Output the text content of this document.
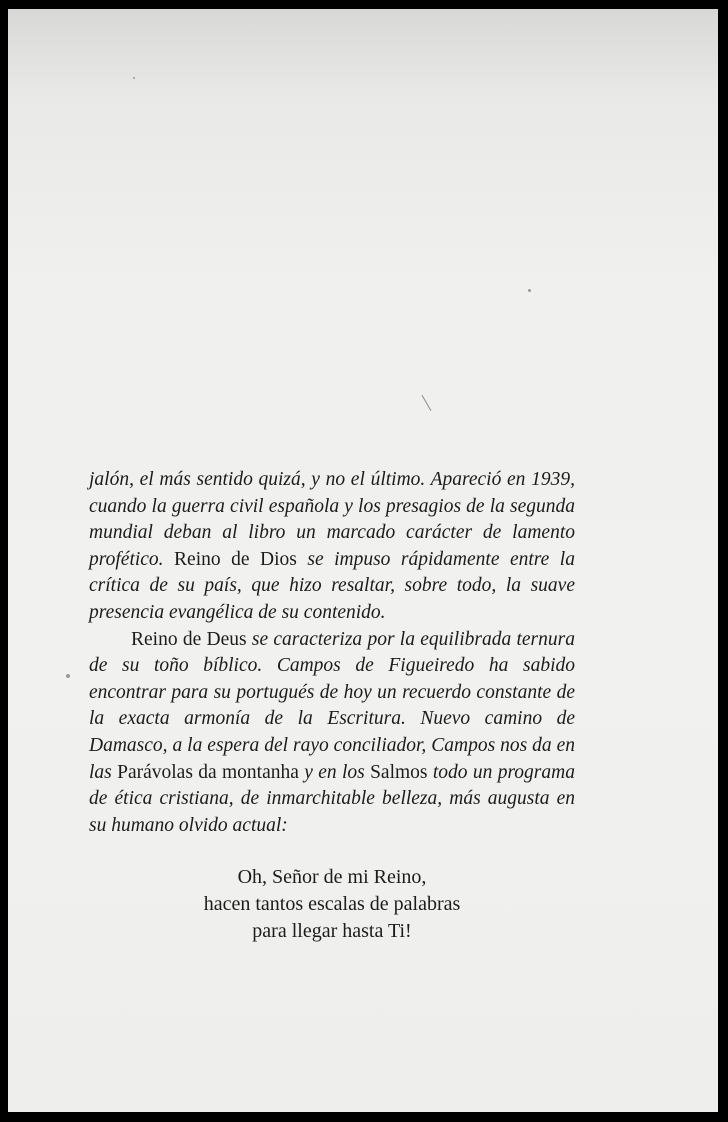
jalón, el más sentido quizá, y no el último. Apareció en 1939, cuando la guerra civil española y los presagios de la segunda mundial deban al libro un marcado carácter de lamento profético. Reino de Dios se impuso rápidamente entre la crítica de su país, que hizo resaltar, sobre todo, la suave presencia evangélica de su contenido.

Reino de Deus se caracteriza por la equilibrada ternura de su toño bíblico. Campos de Figueiredo ha sabido encontrar para su portugués de hoy un recuerdo constante de la exacta armonía de la Escritura. Nuevo camino de Damasco, a la espera del rayo conciliador, Campos nos da en las Parávolas da montanha y en los Salmos todo un programa de ética cristiana, de inmarchitable belleza, más augusta en su humano olvido actual:

Oh, Señor de mi Reino,
hacen tantos escalas de palabras
para llegar hasta Ti!
